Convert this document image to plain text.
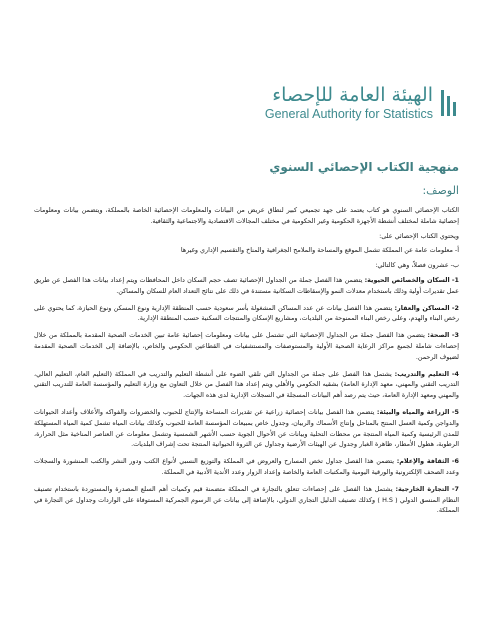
الهيئة العامة للإحصاء
General Authority for Statistics
منهجية الكتاب الإحصائي السنوي
الوصف:

الكتاب الإحصائي السنوي هو كتاب يعتمد على جهد تجميعي كبير لنطاق عريض من البيانات والمعلومات الإحصائية الخاصة بالمملكة، ويتضمن بيانات ومعلومات إحصائية شاملة لمختلف أنشطة الأجهزة الحكومية وغير الحكومية في مختلف المجالات الاقتصادية والاجتماعية والثقافية.

ويحتوي الكتاب الإحصائي على:

أ- معلومات عامة عن المملكة تشمل الموقع والمساحة والملامح الجغرافية والمناخ والتقسيم الإداري وغيرها

ب- عشرون فصلاً، وهي كالتالي:

1- السكان والخصائص الحيوية: يتضمن هذا الفصل جملة من الجداول الإحصائية تصف حجم السكان داخل المحافظات ويتم إعداد بيانات هذا الفصل عن طريق عمل تقديرات أولية وذلك باستخدام معدلات النمو والإسقاطات السكانية مستندة في ذلك على نتائج التعداد العام للسكان والمساكن.

2- المساكن والعقار: يتضمن هذا الفصل بيانات عن عدد المساكن المشغولة بأسر سعودية حسب المنطقة الإدارية ونوع المسكن ونوع الحيازة، كما يحتوي على رخص البناء والهدم، وعلى رخص البناء الممنوحة من البلديات، ومشاريع الإسكان والمنتجات السكنية حسب المنطقة الإدارية.

3- الصحة: يتضمن هذا الفصل جملة من الجداول الإحصائية التي تشتمل على بيانات ومعلومات إحصائية عامة تبين الخدمات الصحية المقدمة بالمملكة من خلال إحصاءات شاملة لجميع مراكز الرعاية الصحية الأولية والمستوصفات والمستشفيات في القطاعين الحكومي والخاص، بالإضافة إلى الخدمات الصحية المقدمة لضيوف الرحمن.

4- التعليم والتدريب: يشتمل هذا الفصل على جملة من الجداول التي تلقي الضوء على أنشطة التعليم والتدريب في المملكة (التعليم العام، التعليم العالي، التدريب التقني والمهني، معهد الإدارة العامة) بشقيه الحكومي والأهلي ويتم إعداد هذا الفصل من خلال التعاون مع وزارة التعليم والمؤسسة العامة للتدريب التقني والمهني ومعهد الإدارة العامة، حيث يتم رصد أهم البيانات المسجلة في السجلات الإدارية لدى هذه الجهات.

5- الزراعة والمياه والبيئة: يتضمن هذا الفصل بيانات إحصائية زراعية عن تقديرات المساحة والإنتاج للحبوب والخضروات والفواكه والأعلاف وأعداد الحيوانات والدواجن وكمية العسل المنتج بالمناحل وإنتاج الأسماك والربيان، وجدول خاص بمبيعات المؤسسة العامة للحبوب وكذلك بيانات المياه تشمل كمية المياه المستهلكة للمدن الرئيسية وكمية المياه المنتجة من محطات التحلية وبيانات عن الأحوال الجوية حسب الأشهر الشمسية وتشمل معلومات عن العناصر المناخية مثل الحرارة، الرطوبة، هطول الأمطار، ظاهرة الغبار وجدول عن الهيئات الأرضية وجداول عن الثروة الحيوانية المنتجة تحت إشراف البلديات.

6- الثقافة والإعلام: يتضمن هذا الفصل جداول تخص المسارح والعروض في المملكة والتوزيع النسبي لأنواع الكتب ودور النشر والكتب المنشورة والسجلات وعدد الصحف الإلكترونية والورقية اليومية والمكتبات العامة والخاصة وإعداد الزوار وعدد الأندية الأدبية في المملكة.

7- التجارة الخارجية: يشتمل هذا الفصل على إحصاءات تتعلق بالتجارة في المملكة متضمنة قيم وكميات أهم السلع المصدرة والمستوردة باستخدام تصنيف النظام المنسق الدولي ( H.S ) وكذلك تصنيف الدليل التجاري الدولي، بالإضافة إلى بيانات عن الرسوم الجمركية المستوفاة على الواردات وجداول عن التجارة في المملكة.
